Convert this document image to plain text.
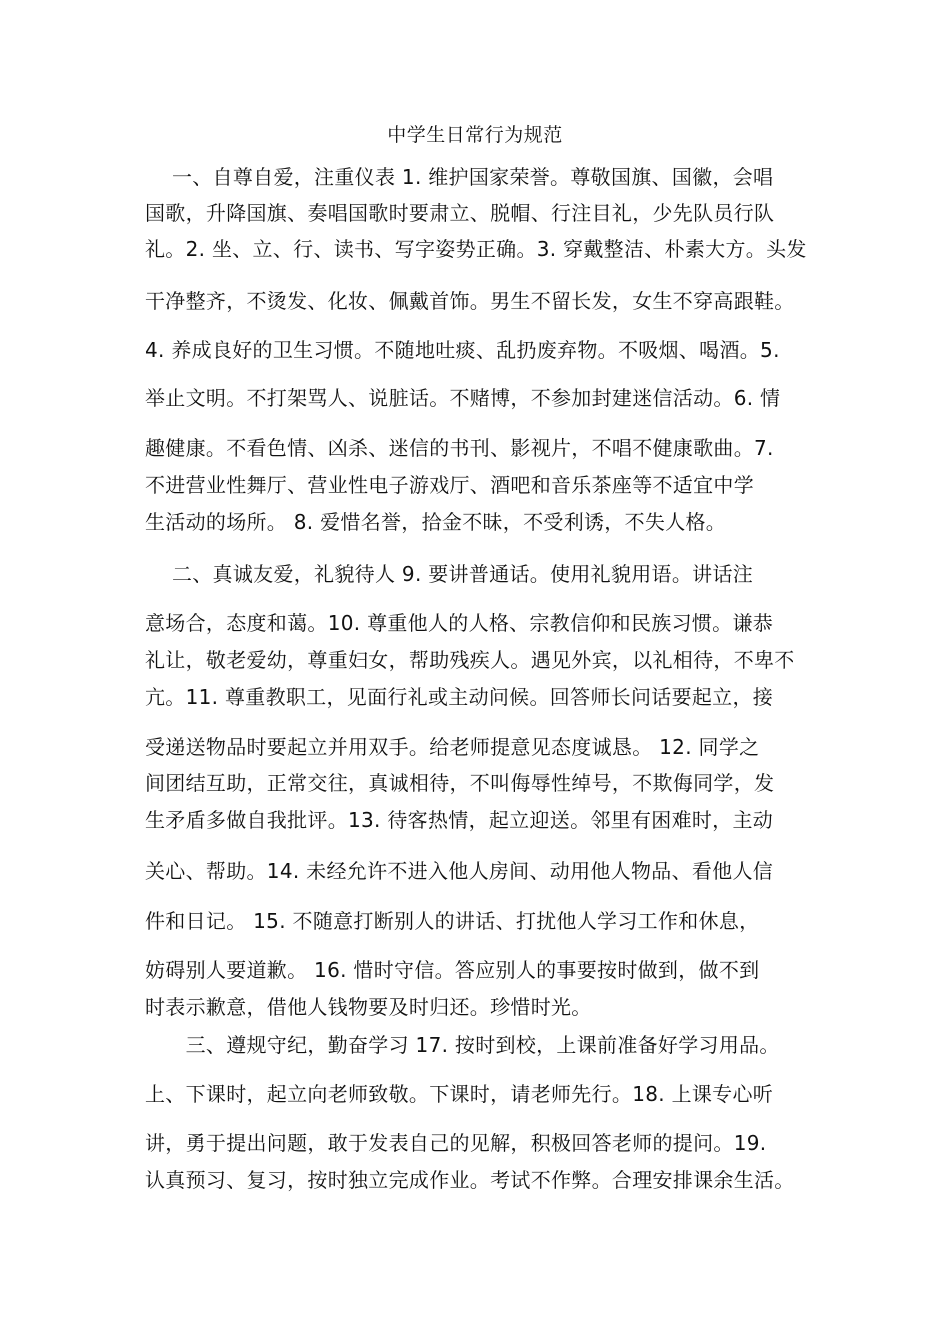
中学生日常行为规范
　 一、自尊自爱，注重仪表 1. 维护国家荣誉。尊敬国旗、国徽，会唱
国歌，升降国旗、奏唱国歌时要肃立、脱帽、行注目礼，少先队员行队
礼。2. 坐、立、行、读书、写字姿势正确。3. 穿戴整洁、朴素大方。头发
干净整齐，不烫发、化妆、佩戴首饰。男生不留长发，女生不穿高跟鞋。
4. 养成良好的卫生习惯。不随地吐痰、乱扔废弃物。不吸烟、喝酒。5.
举止文明。不打架骂人、说脏话。不赌博，不参加封建迷信活动。6. 情
趣健康。不看色情、凶杀、迷信的书刊、影视片，不唱不健康歌曲。7.
不进营业性舞厅、营业性电子游戏厅、酒吧和音乐茶座等不适宜中学
生活动的场所。 8. 爱惜名誉，拾金不昧，不受利诱，不失人格。
　 二、真诚友爱，礼貌待人 9. 要讲普通话。使用礼貌用语。讲话注
意场合，态度和蔼。10. 尊重他人的人格、宗教信仰和民族习惯。谦恭
礼让，敬老爱幼，尊重妇女，帮助残疾人。遇见外宾，以礼相待，不卑不
亢。11. 尊重教职工，见面行礼或主动问候。回答师长问话要起立，接
受递送物品时要起立并用双手。给老师提意见态度诚恳。 12. 同学之
间团结互助，正常交往，真诚相待，不叫侮辱性绰号，不欺侮同学，发
生矛盾多做自我批评。13. 待客热情，起立迎送。邻里有困难时，主动
关心、帮助。14. 未经允许不进入他人房间、动用他人物品、看他人信
件和日记。 15. 不随意打断别人的讲话、打扰他人学习工作和休息，
妨碍别人要道歉。 16. 惜时守信。答应别人的事要按时做到，做不到
时表示歉意，借他人钱物要及时归还。珍惜时光。
　　三、遵规守纪，勤奋学习 17. 按时到校，上课前准备好学习用品。
上、下课时，起立向老师致敬。下课时，请老师先行。18. 上课专心听
讲，勇于提出问题，敢于发表自己的见解，积极回答老师的提问。19.
认真预习、复习，按时独立完成作业。考试不作弊。合理安排课余生活。
